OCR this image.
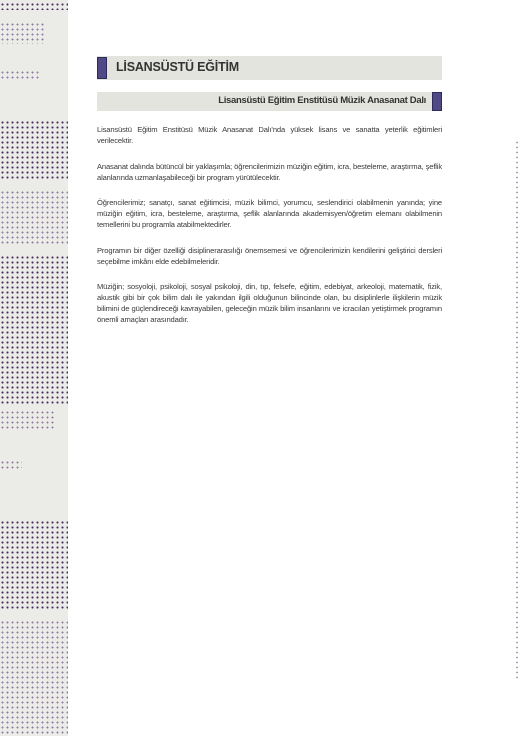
LİSANSÜSTÜ EĞİTİM
Lisansüstü Eğitim Enstitüsü Müzik Anasanat Dalı

Lisansüstü Eğitim Enstitüsü Müzik Anasanat Dalı’nda yüksek lisans ve sanatta yeterlik eğitimleri verilecektir.

Anasanat dalında bütüncül bir yaklaşımla; öğrencilerimizin müziğin eğitim, icra, besteleme, araştırma, şeflik alanlarında uzmanlaşabileceği bir program yürütülecektir.

Öğrencilerimiz; sanatçı, sanat eğitimcisi, müzik bilimci, yorumcu, seslendirici olabilmenin yanında; yine müziğin eğitim, icra, besteleme, araştırma, şeflik alanlarında akademisyen/öğretim elemanı olabilmenin temellerini bu programla atabilmektedirler.

Programın bir diğer özelliği disiplinerarasılığı önemsemesi ve öğrencilerimizin kendilerini geliştirici dersleri seçebilme imkânı elde edebilmeleridir.

Müziğin; sosyoloji, psikoloji, sosyal psikoloji, din, tıp, felsefe, eğitim, edebiyat, arkeoloji, matematik, fizik, akustik gibi bir çok bilim dalı ile yakından ilgili olduğunun bilincinde olan, bu disiplinlerle ilişkilerin müzik bilimini de güçlendireceği kavrayabilen, geleceğin müzik bilim insanlarını ve icracıları yetiştirmek programın önemli amaçları arasındadır.
